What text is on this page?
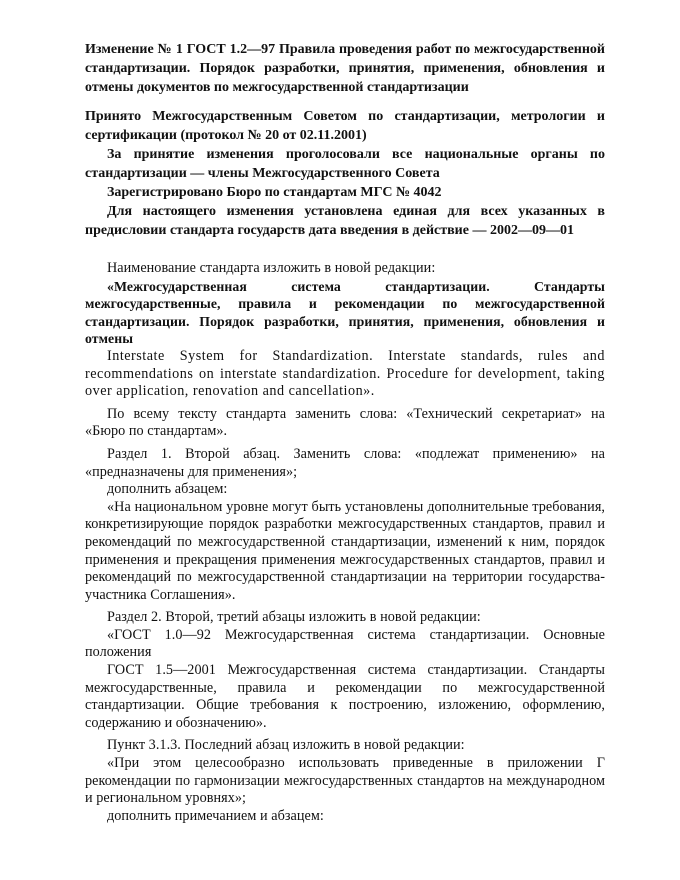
Изменение № 1 ГОСТ 1.2—97 Правила проведения работ по межгосударственной стандартизации. Порядок разработки, принятия, применения, обновления и отмены документов по межгосударственной стандартизации

Принято Межгосударственным Советом по стандартизации, метрологии и сертификации (протокол № 20 от 02.11.2001)

За принятие изменения проголосовали все национальные органы по стандартизации — члены Межгосударственного Совета

Зарегистрировано Бюро по стандартам МГС № 4042

Для настоящего изменения установлена единая для всех указанных в предисловии стандарта государств дата введения в действие — 2002—09—01

Наименование стандарта изложить в новой редакции:

«Межгосударственная система стандартизации. Стандарты межгосударственные, правила и рекомендации по межгосударственной стандартизации. Порядок разработки, принятия, применения, обновления и отмены

Interstate System for Standardization. Interstate standards, rules and recommendations on interstate standardization. Procedure for development, taking over application, renovation and cancellation».

По всему тексту стандарта заменить слова: «Технический секретариат» на «Бюро по стандартам».

Раздел 1. Второй абзац. Заменить слова: «подлежат применению» на «предназначены для применения»;

дополнить абзацем:

«На национальном уровне могут быть установлены дополнительные требования, конкретизирующие порядок разработки межгосударственных стандартов, правил и рекомендаций по межгосударственной стандартизации, изменений к ним, порядок применения и прекращения применения межгосударственных стандартов, правил и рекомендаций по межгосударственной стандартизации на территории государства-участника Соглашения».

Раздел 2. Второй, третий абзацы изложить в новой редакции:

«ГОСТ 1.0—92 Межгосударственная система стандартизации. Основные положения

ГОСТ 1.5—2001 Межгосударственная система стандартизации. Стандарты межгосударственные, правила и рекомендации по межгосударственной стандартизации. Общие требования к построению, изложению, оформлению, содержанию и обозначению».

Пункт 3.1.3. Последний абзац изложить в новой редакции:

«При этом целесообразно использовать приведенные в приложении Г рекомендации по гармонизации межгосударственных стандартов на международном и региональном уровнях»;

дополнить примечанием и абзацем:
